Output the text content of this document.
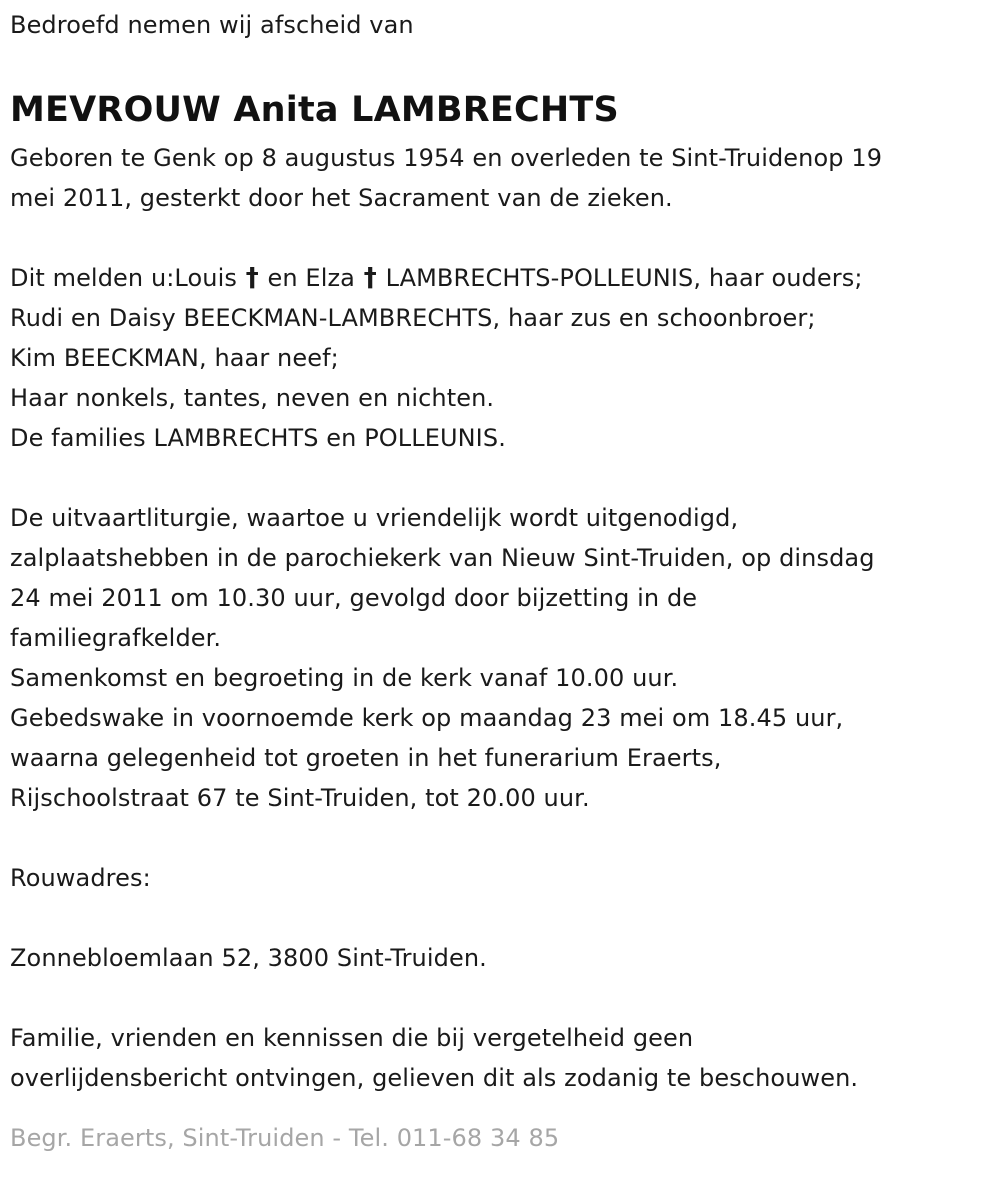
Bedroefd nemen wij afscheid van
MEVROUW Anita LAMBRECHTS
Geboren te Genk op 8 augustus 1954 en overleden te Sint-Truidenop 19
mei 2011, gesterkt door het Sacrament van de zieken.
Dit melden u:Louis † en Elza † LAMBRECHTS-POLLEUNIS, haar ouders;
Rudi en Daisy BEECKMAN-LAMBRECHTS, haar zus en schoonbroer;
Kim BEECKMAN, haar neef;
Haar nonkels, tantes, neven en nichten.
De families LAMBRECHTS en POLLEUNIS.
De uitvaartliturgie, waartoe u vriendelijk wordt uitgenodigd,
zalplaatshebben in de parochiekerk van Nieuw Sint-Truiden, op dinsdag
24 mei 2011 om 10.30 uur, gevolgd door bijzetting in de
familiegrafkelder.
Samenkomst en begroeting in de kerk vanaf 10.00 uur.
Gebedswake in voornoemde kerk op maandag 23 mei om 18.45 uur,
waarna gelegenheid tot groeten in het funerarium Eraerts,
Rijschoolstraat 67 te Sint-Truiden, tot 20.00 uur.
Rouwadres:
Zonnebloemlaan 52, 3800 Sint-Truiden.
Familie, vrienden en kennissen die bij vergetelheid geen
overlijdensbericht ontvingen, gelieven dit als zodanig te beschouwen.
Begr. Eraerts, Sint-Truiden - Tel. 011-68 34 85
